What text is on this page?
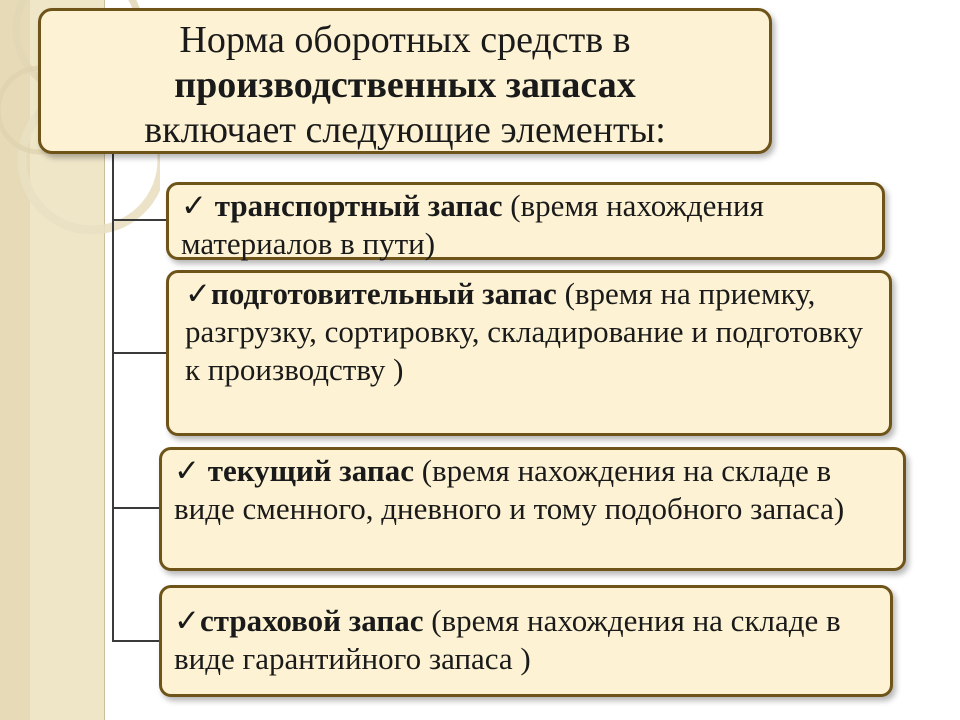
Норма оборотных средств в
производственных запасах
включает следующие элементы:
✓ транспортный запас (время нахождения материалов в пути)
✓подготовительный запас (время на приемку, разгрузку, сортировку, складирование и подготовку к производству )
✓ текущий запас (время нахождения на складе в виде сменного, дневного и тому подобного запаса)
✓страховой запас (время нахождения на складе в виде гарантийного запаса )
